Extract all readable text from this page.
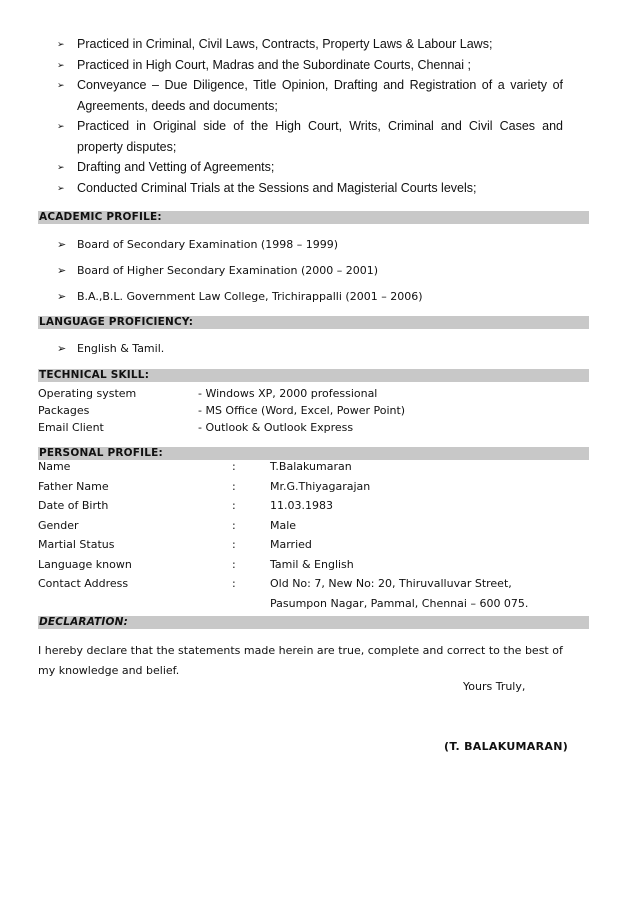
➢ Practiced in Criminal, Civil Laws, Contracts, Property Laws & Labour Laws;
➢ Practiced in High Court, Madras and the Subordinate Courts, Chennai ;
➢ Conveyance – Due Diligence, Title Opinion, Drafting and Registration of a variety of Agreements, deeds and documents;
➢ Practiced in Original side of the High Court, Writs, Criminal and Civil Cases and property disputes;
➢ Drafting and Vetting of Agreements;
➢ Conducted Criminal Trials at the Sessions and Magisterial Courts levels;
ACADEMIC PROFILE:
➢ Board of Secondary Examination (1998 – 1999)
➢ Board of Higher Secondary Examination (2000 – 2001)
➢ B.A.,B.L. Government Law College, Trichirappalli (2001 – 2006)
LANGUAGE PROFICIENCY:
➢ English & Tamil.
TECHNICAL SKILL:
Operating system	- Windows XP, 2000 professional
Packages	- MS Office (Word, Excel, Power Point)
Email Client	- Outlook & Outlook Express
PERSONAL PROFILE:
Name	:	T.Balakumaran
Father Name	:	Mr.G.Thiyagarajan
Date of Birth	:	11.03.1983
Gender	:	Male
Martial Status	:	Married
Language known	:	Tamil & English
Contact Address	:	Old No: 7, New No: 20, Thiruvalluvar Street,
Pasumpon Nagar, Pammal, Chennai – 600 075.
DECLARATION:
I hereby declare that the statements made herein are true, complete and correct to the best of my knowledge and belief.
Yours Truly,
(T. BALAKUMARAN)
